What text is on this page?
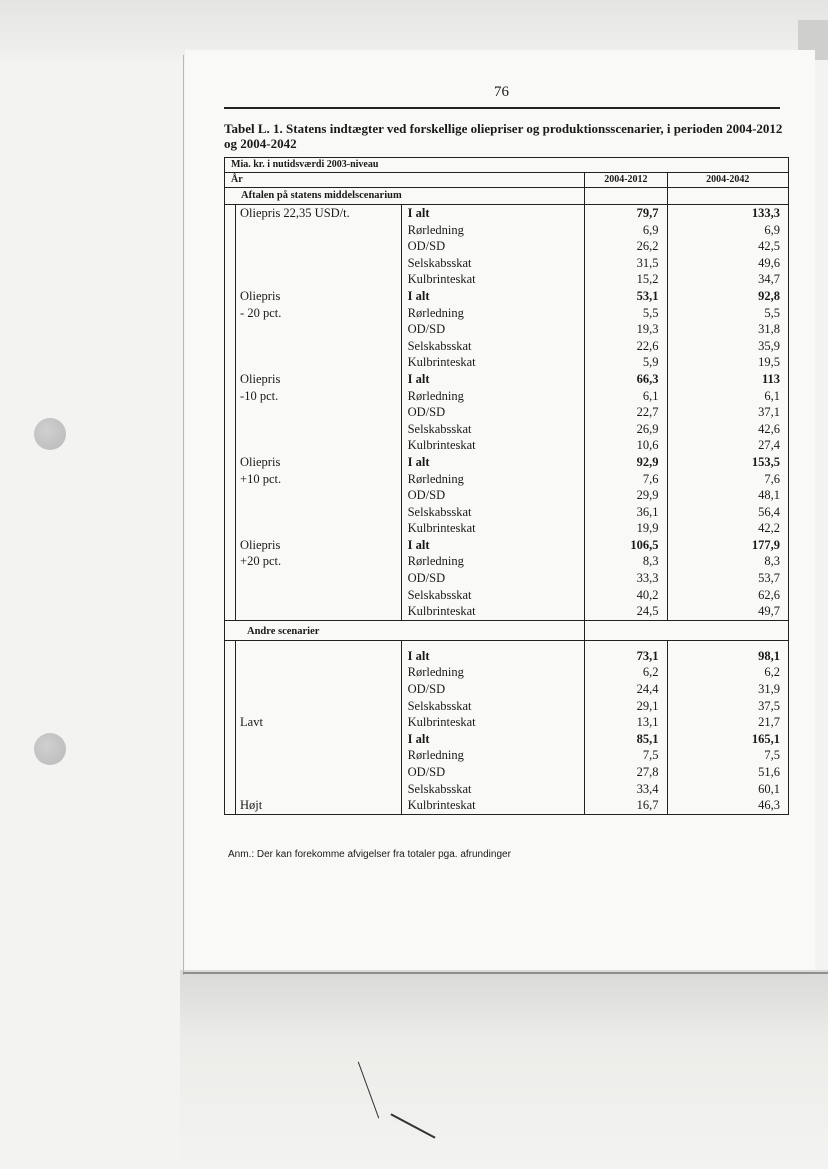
76
Tabel L. 1. Statens indtægter ved forskellige oliepriser og produktionsscenarier, i perioden 2004-2012 og 2004-2042
Mia. kr. i nutidsværdi 2003-niveau				
År			2004-2012	2004-2042
Aftalen på statens middelscenarium				
	Oliepris 22,35 USD/t.	I alt	79,7	133,3
		Rørledning	6,9	6,9
		OD/SD	26,2	42,5
		Selskabsskat	31,5	49,6
		Kulbrinteskat	15,2	34,7
	Oliepris	I alt	53,1	92,8
	- 20 pct.	Rørledning	5,5	5,5
		OD/SD	19,3	31,8
		Selskabsskat	22,6	35,9
		Kulbrinteskat	5,9	19,5
	Oliepris	I alt	66,3	113
	-10 pct.	Rørledning	6,1	6,1
		OD/SD	22,7	37,1
		Selskabsskat	26,9	42,6
		Kulbrinteskat	10,6	27,4
	Oliepris	I alt	92,9	153,5
	+10 pct.	Rørledning	7,6	7,6
		OD/SD	29,9	48,1
		Selskabsskat	36,1	56,4
		Kulbrinteskat	19,9	42,2
	Oliepris	I alt	106,5	177,9
	+20 pct.	Rørledning	8,3	8,3
		OD/SD	33,3	53,7
		Selskabsskat	40,2	62,6
		Kulbrinteskat	24,5	49,7
Andre scenarier				

		I alt	73,1	98,1
		Rørledning	6,2	6,2
		OD/SD	24,4	31,9
		Selskabsskat	29,1	37,5
	Lavt	Kulbrinteskat	13,1	21,7
		I alt	85,1	165,1
		Rørledning	7,5	7,5
		OD/SD	27,8	51,6
		Selskabsskat	33,4	60,1
	Højt	Kulbrinteskat	16,7	46,3
Anm.: Der kan forekomme afvigelser fra totaler pga. afrundinger
